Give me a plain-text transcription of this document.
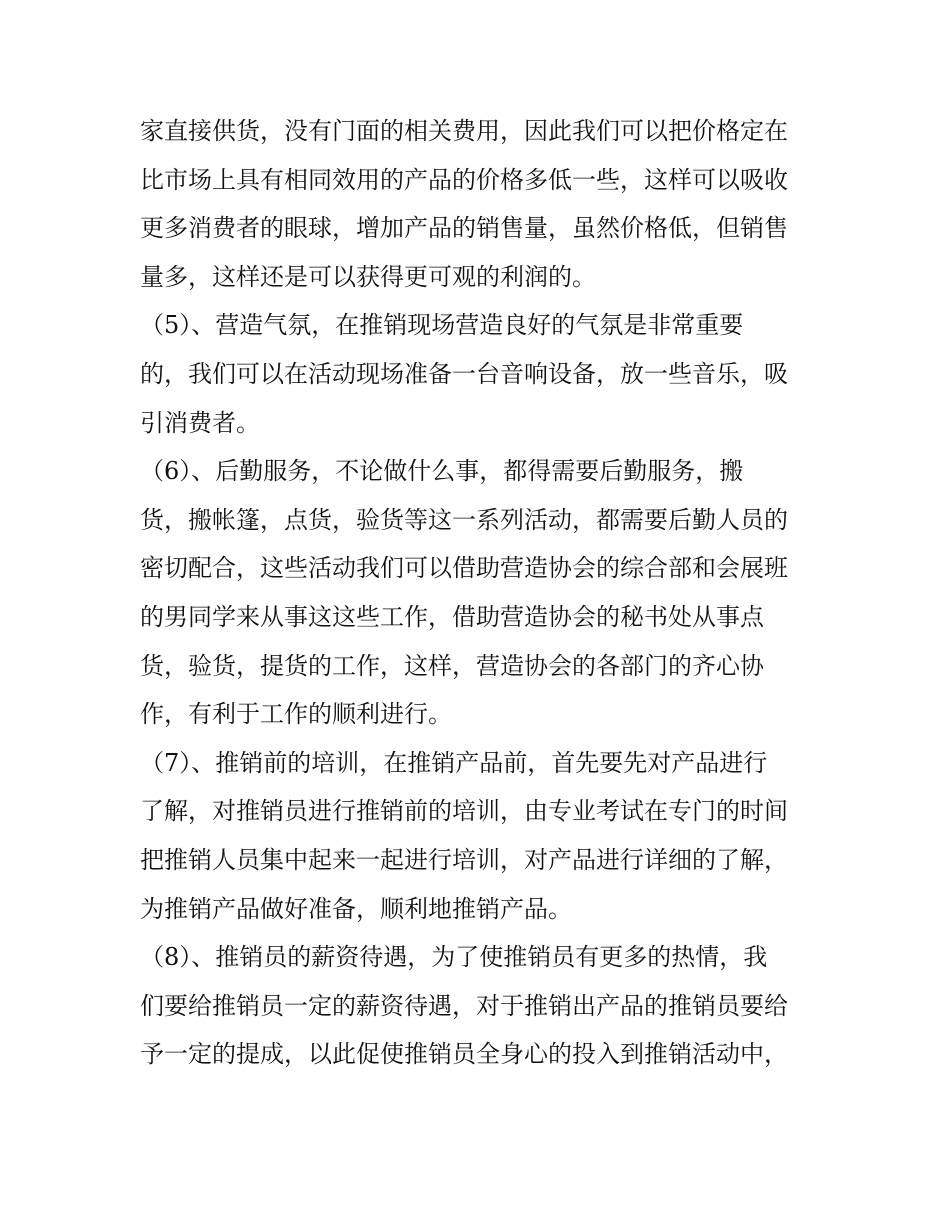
家直接供货，没有门面的相关费用，因此我们可以把价格定在
比市场上具有相同效用的产品的价格多低一些，这样可以吸收
更多消费者的眼球，增加产品的销售量，虽然价格低，但销售
量多，这样还是可以获得更可观的利润的。
（5）、营造气氛，在推销现场营造良好的气氛是非常重要
的，我们可以在活动现场准备一台音响设备，放一些音乐，吸
引消费者。
（6）、后勤服务，不论做什么事，都得需要后勤服务，搬
货，搬帐篷，点货，验货等这一系列活动，都需要后勤人员的
密切配合，这些活动我们可以借助营造协会的综合部和会展班
的男同学来从事这这些工作，借助营造协会的秘书处从事点
货，验货，提货的工作，这样，营造协会的各部门的齐心协
作，有利于工作的顺利进行。
（7）、推销前的培训，在推销产品前，首先要先对产品进行
了解，对推销员进行推销前的培训，由专业考试在专门的时间
把推销人员集中起来一起进行培训，对产品进行详细的了解，
为推销产品做好准备，顺利地推销产品。
（8）、推销员的薪资待遇，为了使推销员有更多的热情，我
们要给推销员一定的薪资待遇，对于推销出产品的推销员要给
予一定的提成，以此促使推销员全身心的投入到推销活动中，
